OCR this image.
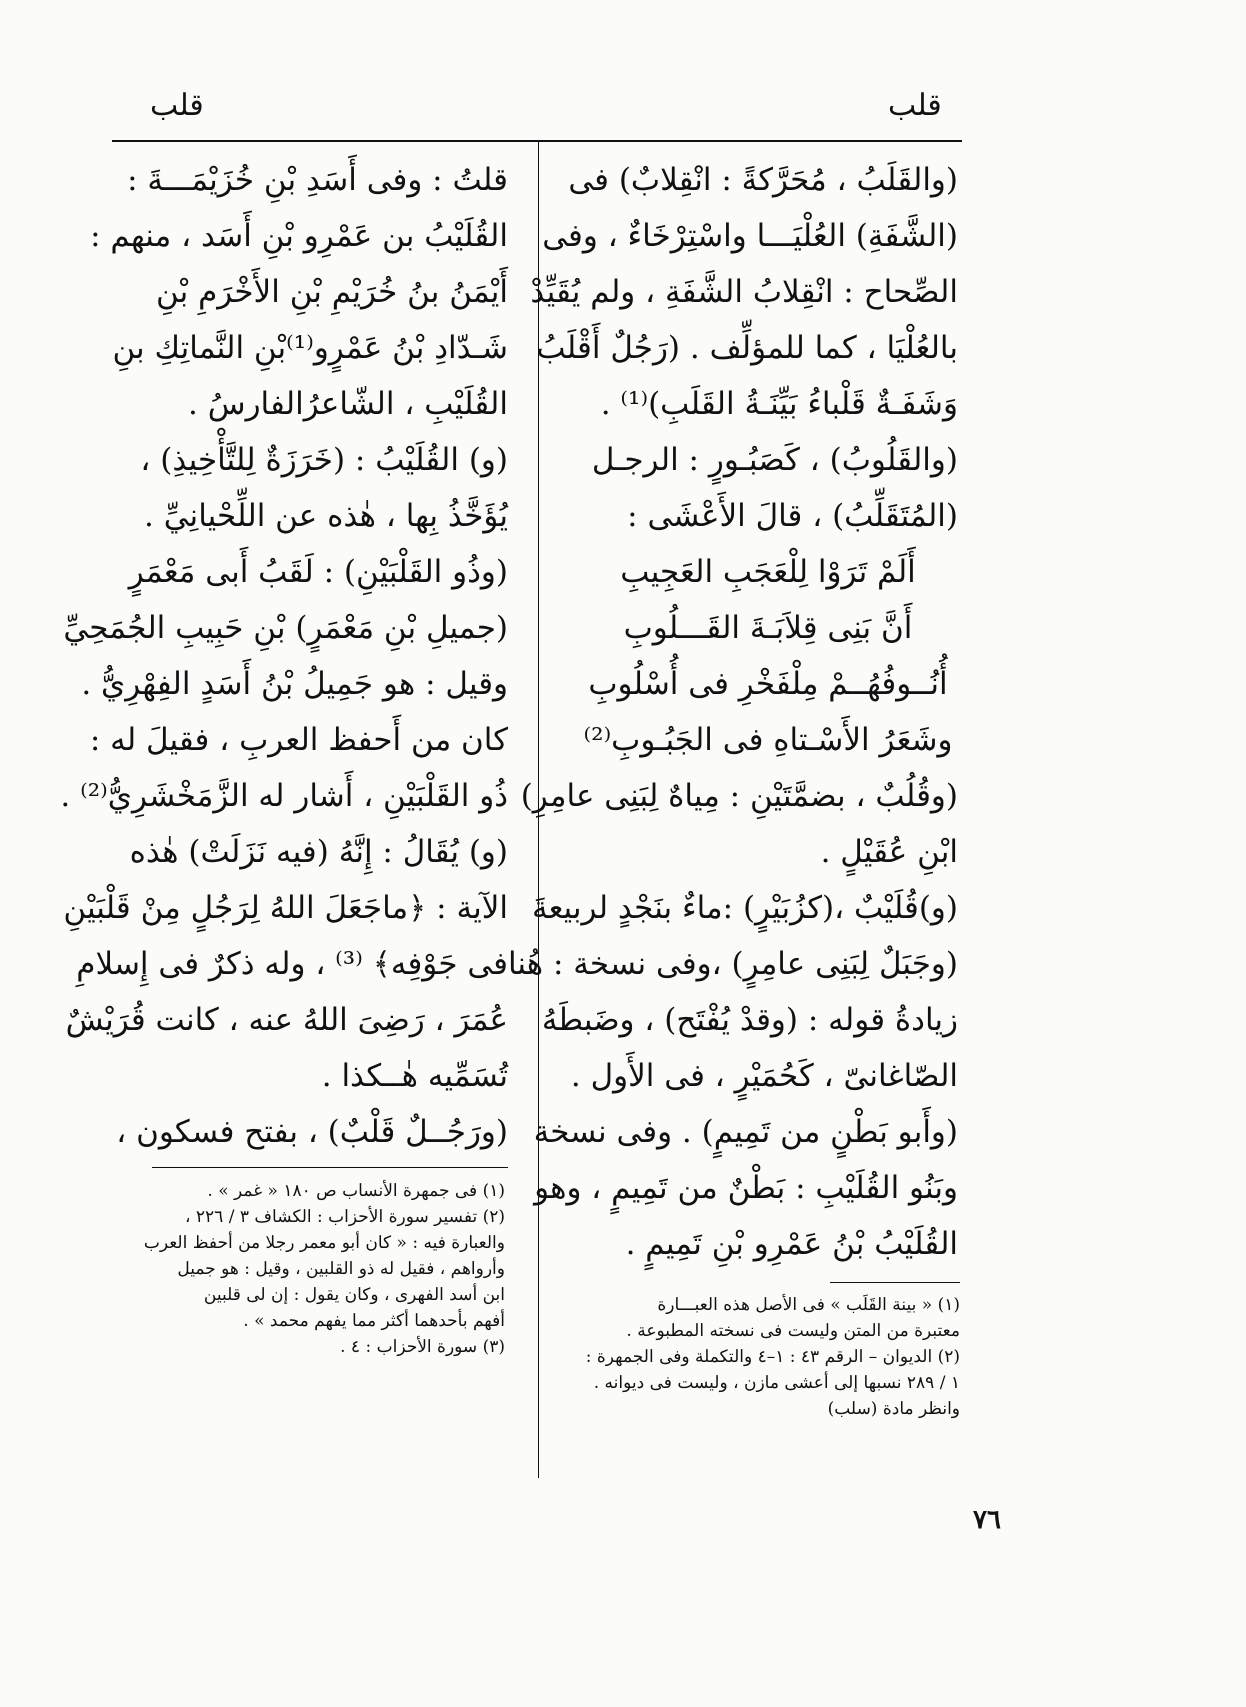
قلب	قلب
(والقَلَبُ ، مُحَرَّكةً : انْقِلابٌ) فى
(الشَّفَةِ) العُلْيَـــا واسْتِرْخَاءٌ ، وفى
الصِّحاح : انْقِلابُ الشَّفَةِ ، ولم يُقَيِّدْ
بالعُلْيَا ، كما للمؤلِّف . (رَجُلٌ أَقْلَبُ
وَشَفَـةٌ قَلْباءُ بَيِّنَـةُ القَلَبِ)⁽¹⁾ .
(والقَلُوبُ) ، كَصَبُـورٍ : الرجـل
(المُتَقَلِّبُ) ، قالَ الأَعْشَى :
أَلَمْ تَرَوْا لِلْعَجَبِ العَجِيبِ
أَنَّ بَنِى قِلاَبَـةَ القَـــلُوبِ
أُنُــوفُهُــمْ مِلْفَخْرِ فى أُسْلُوبِ
وشَعَرُ الأَسْـتاهِ فى الجَبُـوبِ⁽²⁾
(وقُلُبٌ ، بضمَّتَيْنِ : مِياهٌ لِبَنِى عامِرِ)
ابْنِ عُقَيْلٍ .
(و)قُلَيْبٌ ،(كزُبَيْرٍ) :ماءٌ بنَجْدٍ لربيعةَ
(وجَبَلٌ لِبَنِى عامِرٍ) ،وفى نسخة : هُنا
زيادةُ قوله : (وقدْ يُفْتَح) ، وضَبطَهُ
الصّاغانىّ ، كَحُمَيْرٍ ، فى الأَول .
(وأَبو بَطْنٍ من تَمِيمٍ) . وفى نسخة
وبَنُو القُلَيْبِ : بَطْنٌ من تَمِيمٍ ، وهو
القُلَيْبُ بْنُ عَمْرِو بْنِ تَمِيمٍ .
(١) « بينة القَلَب » فى الأصل هذه العبـــارة
معتبرة من المتن وليست فى نسخته المطبوعة .
(٢) الديوان – الرقم ٤٣ : ١–٤ والتكملة وفى الجمهرة :
١ / ٢٨٩ نسبها إلى أعشى مازن ، وليست فى ديوانه .
وانظر مادة (سلب)
قلتُ : وفى أَسَدِ بْنِ خُزَيْمَـــةَ :
القُلَيْبُ بن عَمْرِو بْنِ أَسَد ، منهم :
أَيْمَنُ بنُ خُرَيْمِ بْنِ الأَخْرَمِ بْنِ
شَـدّادِ بْنُ عَمْرٍو⁽¹⁾بْنِ النَّماتِكِ بنِ
القُلَيْبِ ، الشّاعرُالفارسُ .
(و) القُلَيْبُ : (خَرَزَةٌ لِلتَّأْخِيذِ) ،
يُؤَخَّذُ بِها ، هٰذه عن اللِّحْيانِيِّ .
(وذُو القَلْبَيْنِ) : لَقَبُ أَبى مَعْمَرٍ
(جميلِ بْنِ مَعْمَرٍ) بْنِ حَبِيبِ الجُمَحِيِّ
وقيل : هو جَمِيلُ بْنُ أَسَدٍ الفِهْرِيُّ .
كان من أَحفظ العربِ ، فقيلَ له :
ذُو القَلْبَيْنِ ، أَشار له الزَّمَخْشَرِيُّ⁽²⁾ .
(و) يُقَالُ : إِنَّهُ (فيه نَزَلَتْ) هٰذه
الآية : ﴿ماجَعَلَ اللهُ لِرَجُلٍ مِنْ قَلْبَيْنِ
فى جَوْفِه﴾ ⁽³⁾ ، وله ذكرٌ فى إِسلامِ
عُمَرَ ، رَضِىَ اللهُ عنه ، كانت قُرَيْشٌ
تُسَمِّيه هٰــكذا .
(ورَجُــلٌ قَلْبٌ) ، بفتح فسكون ،
(١) فى جمهرة الأنساب ص ١٨٠ « غمر » .
(٢) تفسير سورة الأحزاب : الكشاف ٣ / ٢٢٦ ،
والعبارة فيه : « كان أبو معمر رجلا من أحفظ العرب
وأرواهم ، فقيل له ذو القلبين ، وقيل : هو جميل
ابن أسد الفهرى ، وكان يقول : إن لى قلبين
أفهم بأحدهما أكثر مما يفهم محمد » .
(٣) سورة الأحزاب : ٤ .
٧٦
